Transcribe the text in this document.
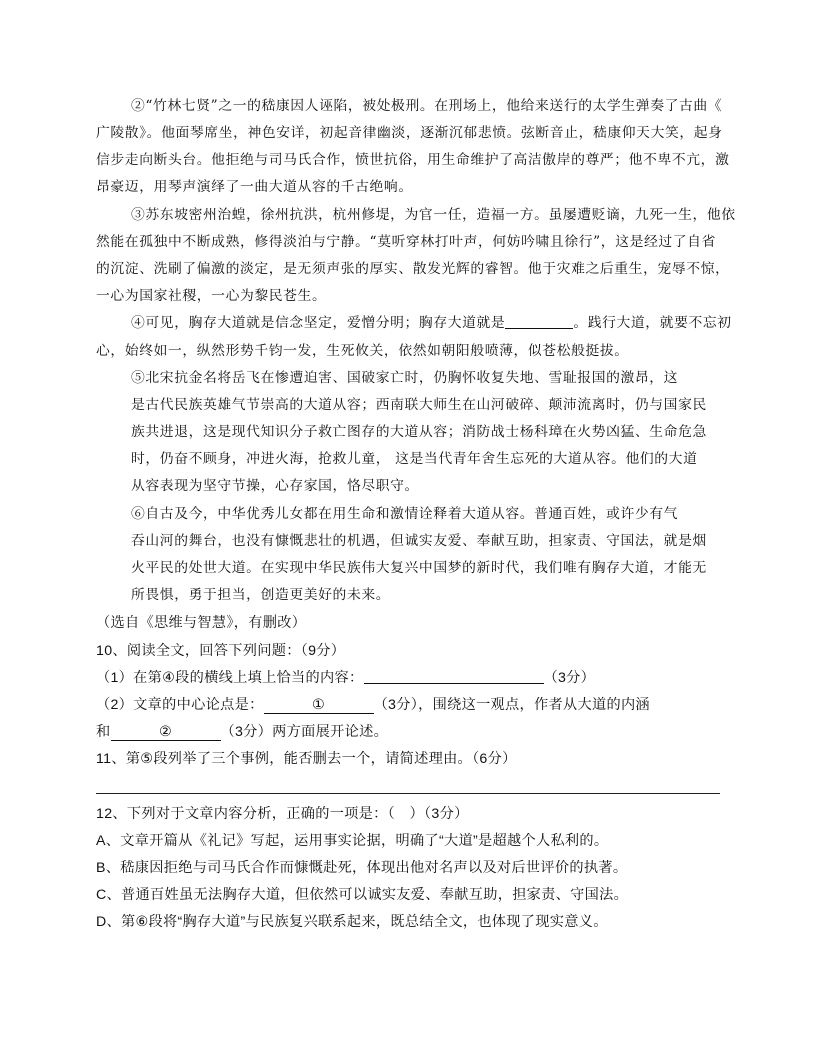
②“竹林七贤”之一的嵇康因人诬陷，被处极刑。在刑场上，他给来送行的太学生弹奏了古曲《
广陵散》。他面琴席坐，神色安详，初起音律幽淡，逐渐沉郁悲愤。弦断音止，嵇康仰天大笑，起身
信步走向断头台。他拒绝与司马氏合作，愤世抗俗，用生命维护了高洁傲岸的尊严；他不卑不亢，激
昂豪迈，用琴声演绎了一曲大道从容的千古绝响。
③苏东坡密州治蝗，徐州抗洪，杭州修堤，为官一任，造福一方。虽屡遭贬谪，九死一生，他依
然能在孤独中不断成熟，修得淡泊与宁静。“莫听穿林打叶声，何妨吟啸且徐行”，这是经过了自省
的沉淀、洗刷了偏激的淡定，是无须声张的厚实、散发光辉的睿智。他于灾难之后重生，宠辱不惊，
一心为国家社稷，一心为黎民苍生。
④可见，胸存大道就是信念坚定，爱憎分明；胸存大道就是	。践行大道，就要不忘初
心，始终如一，纵然形势千钧一发，生死攸关，依然如朝阳般喷薄，似苍松般挺拔。
⑤北宋抗金名将岳飞在惨遭迫害、国破家亡时，仍胸怀收复失地、雪耻报国的激昂，这
是古代民族英雄气节崇高的大道从容；西南联大师生在山河破碎、颠沛流离时，仍与国家民
族共进退，这是现代知识分子救亡图存的大道从容；消防战士杨科璋在火势凶猛、生命危急
时，仍奋不顾身，冲进火海，抢救儿童， 这是当代青年舍生忘死的大道从容。他们的大道
从容表现为坚守节操，心存家国，恪尽职守。
⑥自古及今，中华优秀儿女都在用生命和激情诠释着大道从容。普通百姓，或许少有气
吞山河的舞台，也没有慷慨悲壮的机遇，但诚实友爱、奉献互助，担家责、守国法，就是烟
火平民的处世大道。在实现中华民族伟大复兴中国梦的新时代，我们唯有胸存大道，才能无
所畏惧，勇于担当，创造更美好的未来。
（选自《思维与智慧》，有删改）
10、阅读全文，回答下列问题：（9分）
（1）在第④段的横线上填上恰当的内容：	（3分）
（2）文章的中心论点是：	①	（3分），围绕这一观点，作者从大道的内涵
和	②	（3分）两方面展开论述。
11、第⑤段列举了三个事例，能否删去一个，请简述理由。（6分）
12、下列对于文章内容分析，正确的一项是：（　）（3分）
A、文章开篇从《礼记》写起，运用事实论据，明确了“大道”是超越个人私利的。
B、嵇康因拒绝与司马氏合作而慷慨赴死，体现出他对名声以及对后世评价的执著。
C、普通百姓虽无法胸存大道，但依然可以诚实友爱、奉献互助，担家责、守国法。
D、第⑥段将“胸存大道”与民族复兴联系起来，既总结全文，也体现了现实意义。
